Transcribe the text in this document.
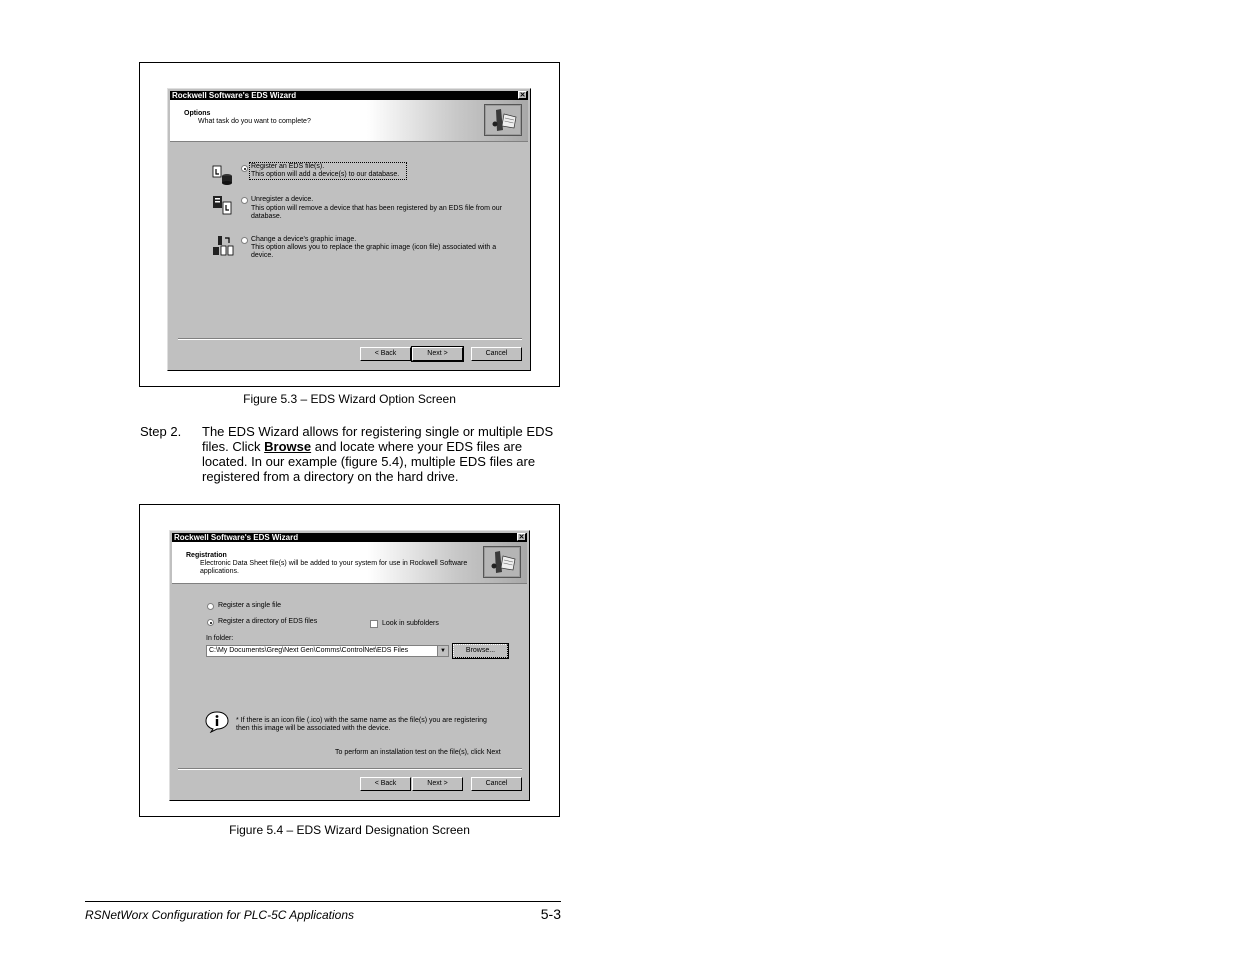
Rockwell Software's EDS Wizard	✕
Options
What task do you want to complete?
Register an EDS file(s).
This option will add a device(s) to our database.
Unregister a device.
This option will remove a device that has been registered by an EDS file from our database.
Change a device's graphic image.
This option allows you to replace the graphic image (icon file) associated with a device.
< Back	Next >	Cancel
Figure 5.3 – EDS Wizard Option Screen
Step 2. The EDS Wizard allows for registering single or multiple EDS files. Click Browse and locate where your EDS files are located. In our example (figure 5.4), multiple EDS files are registered from a directory on the hard drive.
Rockwell Software's EDS Wizard	✕
Registration
Electronic Data Sheet file(s) will be added to your system for use in Rockwell Software applications.
Register a single file
Register a directory of EDS files	Look in subfolders
In folder:
C:\My Documents\Greg\Next Gen\Comms\ControlNet\EDS Files	▼	Browse...
* If there is an icon file (.ico) with the same name as the file(s) you are registering
then this image will be associated with the device.
To perform an installation test on the file(s), click Next
< Back	Next >	Cancel
Figure 5.4 – EDS Wizard Designation Screen
RSNetWorx Configuration for PLC-5C Applications	5-3
